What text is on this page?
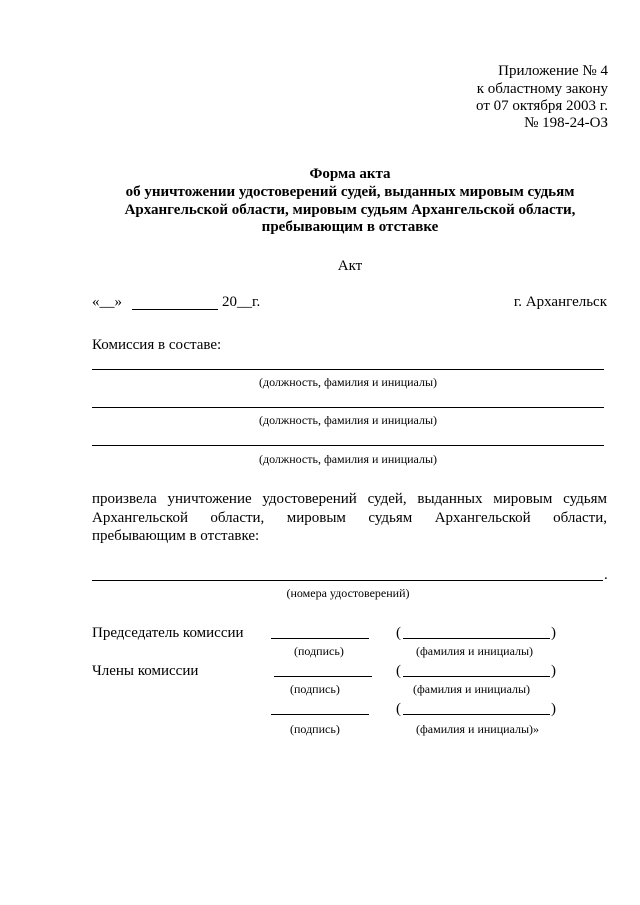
Приложение № 4
к областному закону
от 07 октября 2003 г.
№ 198-24-ОЗ
Форма акта
об уничтожении удостоверений судей, выданных мировым судьям
Архангельской области, мировым судьям Архангельской области,
пребывающим в отставке
Акт
«__»	20__г.	г. Архангельск
Комиссия в составе:
(должность, фамилия и инициалы)
(должность, фамилия и инициалы)
(должность, фамилия и инициалы)
произвела уничтожение удостоверений судей, выданных мировым судьям
Архангельской области, мировым судьям Архангельской области,
пребывающим в отставке:
.
(номера удостоверений)
Председатель комиссии	(	)
(подпись)	(фамилия и инициалы)
Члены комиссии	(	)
(подпись)	(фамилия и инициалы)
(	)
(подпись)	(фамилия и инициалы)»
